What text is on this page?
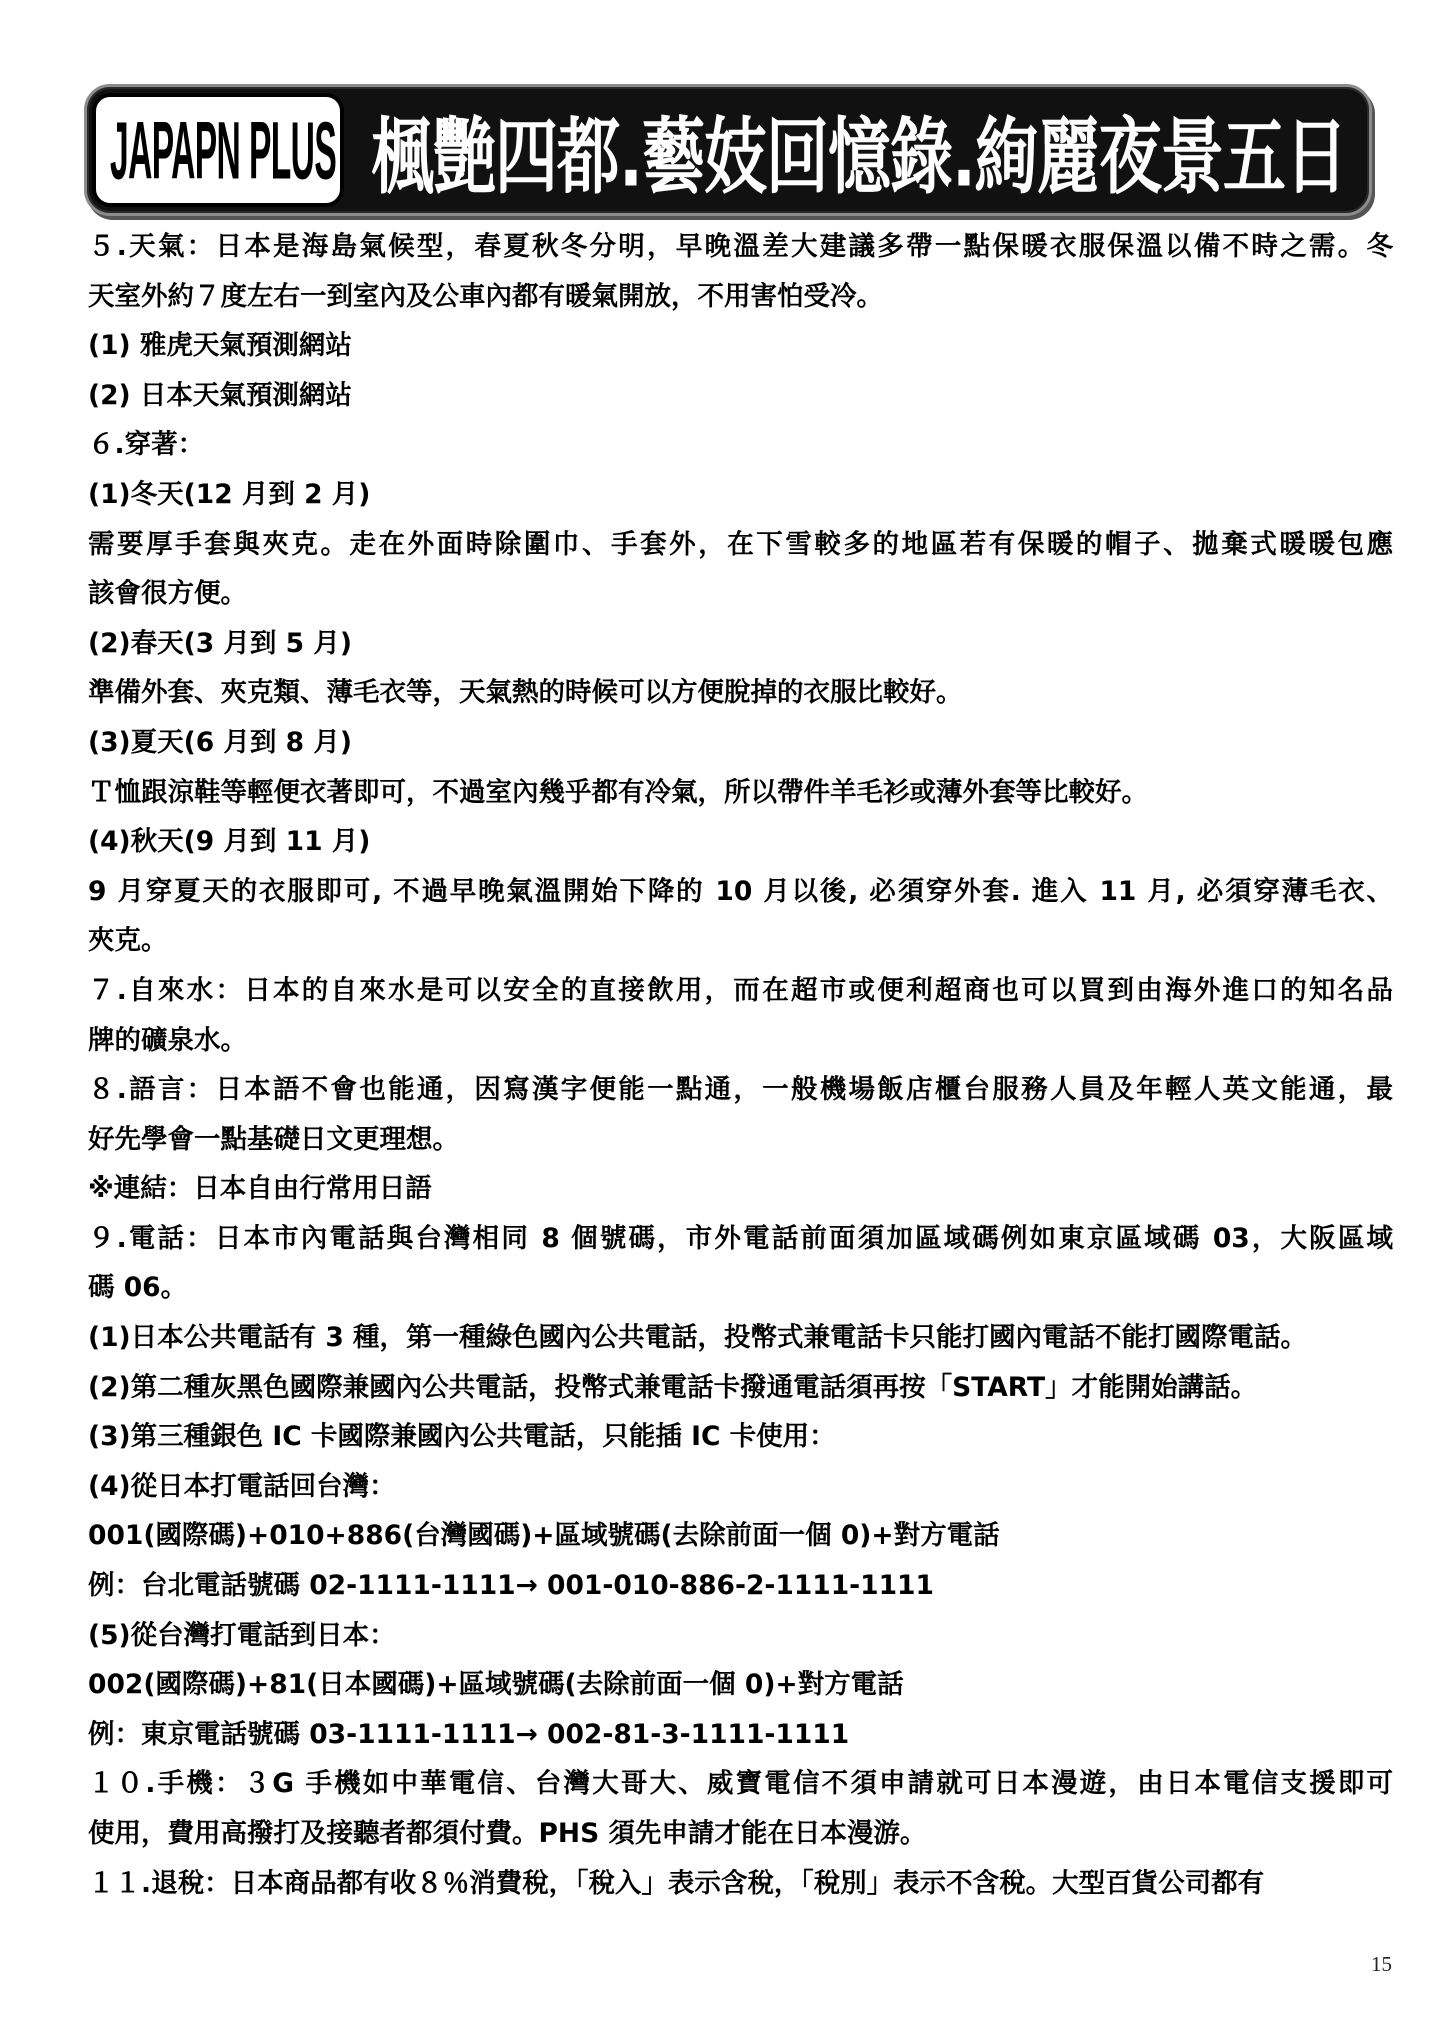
JAPAPN PLUS 楓艷四都.藝妓回憶錄.絢麗夜景五日
５.天氣：日本是海島氣候型，春夏秋冬分明，早晚溫差大建議多帶一點保暖衣服保溫以備不時之需。冬
天室外約７度左右一到室內及公車內都有暖氣開放，不用害怕受冷。
(1) 雅虎天氣預測網站
(2) 日本天氣預測網站
６.穿著：
(1)冬天(12 月到 2 月)
需要厚手套與夾克。走在外面時除圍巾、手套外，在下雪較多的地區若有保暖的帽子、拋棄式暖暖包應
該會很方便。
(2)春天(3 月到 5 月)
準備外套、夾克類、薄毛衣等，天氣熱的時候可以方便脫掉的衣服比較好。
(3)夏天(6 月到 8 月)
Ｔ恤跟涼鞋等輕便衣著即可，不過室內幾乎都有冷氣，所以帶件羊毛衫或薄外套等比較好。
(4)秋天(9 月到 11 月)
9 月穿夏天的衣服即可, 不過早晚氣溫開始下降的 10 月以後, 必須穿外套. 進入 11 月, 必須穿薄毛衣、
夾克。
７.自來水：日本的自來水是可以安全的直接飲用，而在超市或便利超商也可以買到由海外進口的知名品
牌的礦泉水。
８.語言：日本語不會也能通，因寫漢字便能一點通，一般機場飯店櫃台服務人員及年輕人英文能通，最
好先學會一點基礎日文更理想。
※連結：日本自由行常用日語
９.電話：日本市內電話與台灣相同 8 個號碼，市外電話前面須加區域碼例如東京區域碼 03，大阪區域
碼 06。
(1)日本公共電話有 3 種，第一種綠色國內公共電話，投幣式兼電話卡只能打國內電話不能打國際電話。
(2)第二種灰黑色國際兼國內公共電話，投幣式兼電話卡撥通電話須再按「START」才能開始講話。
(3)第三種銀色 IC 卡國際兼國內公共電話，只能插 IC 卡使用：
(4)從日本打電話回台灣：
001(國際碼)+010+886(台灣國碼)+區域號碼(去除前面一個 0)+對方電話
例：台北電話號碼 02-1111-1111→ 001-010-886-2-1111-1111
(5)從台灣打電話到日本：
002(國際碼)+81(日本國碼)+區域號碼(去除前面一個 0)+對方電話
例：東京電話號碼 03-1111-1111→ 002-81-3-1111-1111
１０.手機：３G 手機如中華電信、台灣大哥大、威寶電信不須申請就可日本漫遊，由日本電信支援即可
使用，費用高撥打及接聽者都須付費。PHS 須先申請才能在日本漫游。
１１.退稅：日本商品都有收８％消費稅，「稅入」表示含稅，「稅別」表示不含稅。大型百貨公司都有
15
